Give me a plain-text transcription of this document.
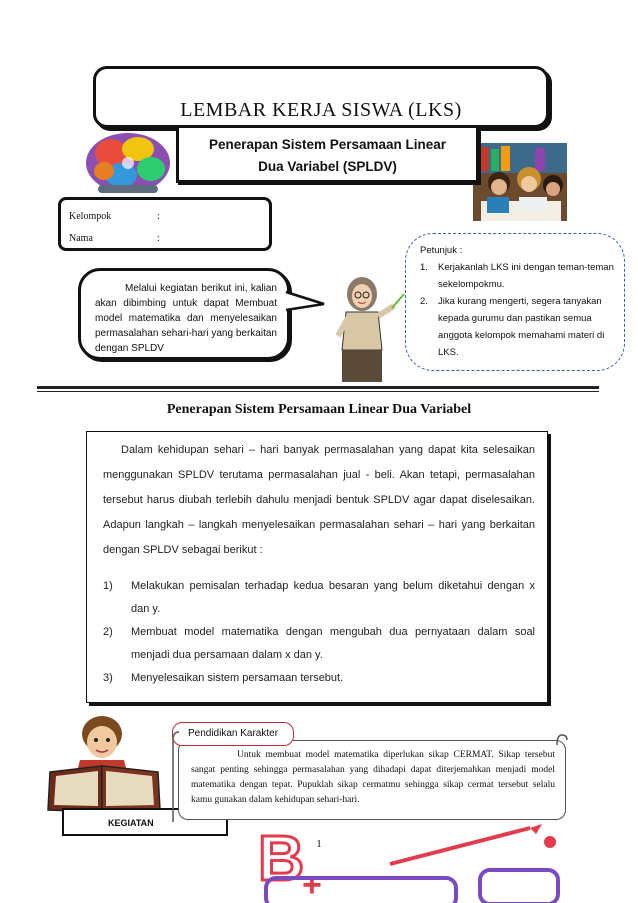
LEMBAR KERJA SISWA (LKS)
Penerapan Sistem Persamaan Linear
Dua Variabel (SPLDV)
Kelompok	:
Nama	:
Melalui kegiatan berikut ini, kalian akan dibimbing untuk dapat Membuat model matematika dan menyelesaikan permasalahan sehari-hari yang berkaitan dengan SPLDV
Petunjuk :
1.	Kerjakanlah LKS ini dengan teman-teman sekelompokmu.
2.	Jika kurang mengerti, segera tanyakan kepada gurumu dan pastikan semua anggota kelompok memahami materi di LKS.
Penerapan Sistem Persamaan Linear Dua Variabel

Dalam kehidupan sehari – hari banyak permasalahan yang dapat kita selesaikan menggunakan SPLDV terutama permasalahan jual - beli. Akan tetapi, permasalahan tersebut harus diubah terlebih dahulu menjadi bentuk SPLDV agar dapat diselesaikan. Adapun langkah – langkah menyelesaikan permasalahan sehari – hari yang berkaitan dengan SPLDV sebagai berikut :

1)	Melakukan pemisalan terhadap kedua besaran yang belum diketahui dengan x dan y.
2)	Membuat model matematika dengan mengubah dua pernyataan dalam soal menjadi dua persamaan dalam x dan y.
3)	Menyelesaikan sistem persamaan tersebut.
KEGIATAN
Untuk membuat model matematika diperlukan sikap CERMAT. Sikap tersebut sangat penting sehingga permasalahan yang dihadapi dapat diterjemahkan menjadi model matematika dengan tepat. Pupuklah sikap cermatmu sehingga sikap cermat tersebut selalu kamu gunakan dalam kehidupan sehari-hari.
Pendidikan Karakter
1
B
+
